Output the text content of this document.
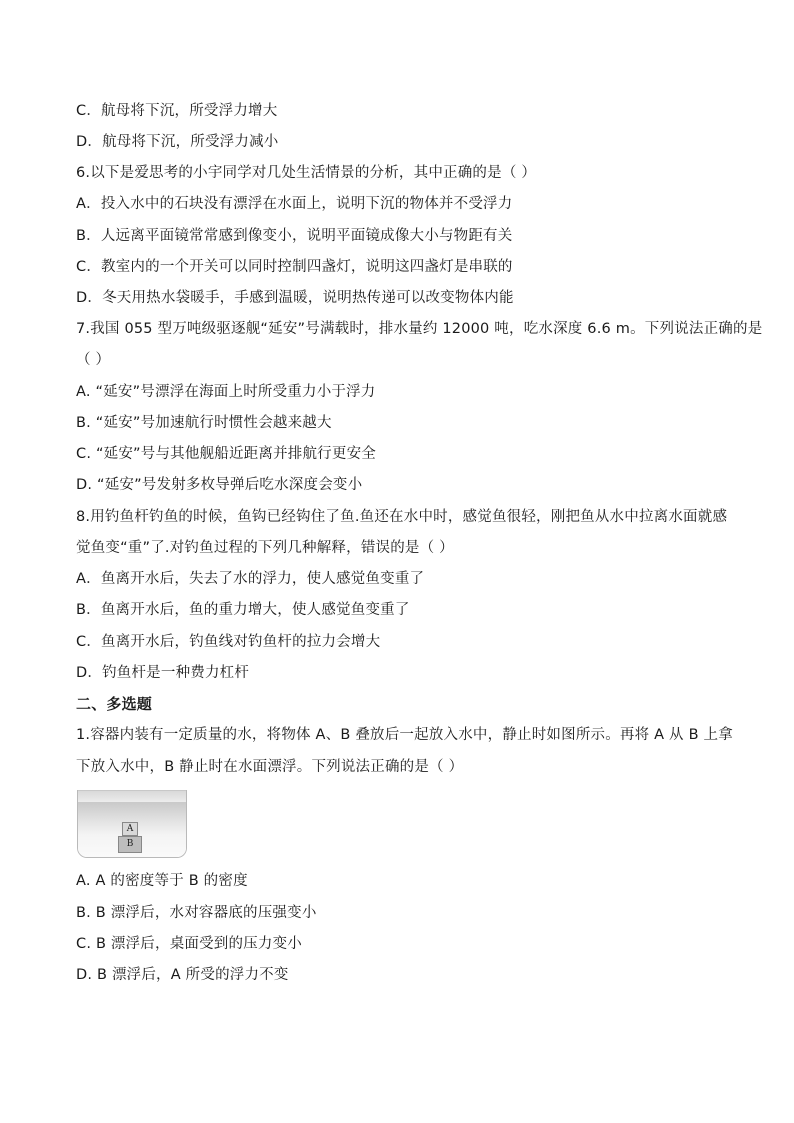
C．航母将下沉，所受浮力增大
D．航母将下沉，所受浮力减小
6.以下是爱思考的小宇同学对几处生活情景的分析，其中正确的是（ ）
A．投入水中的石块没有漂浮在水面上，说明下沉的物体并不受浮力
B．人远离平面镜常常感到像变小，说明平面镜成像大小与物距有关
C．教室内的一个开关可以同时控制四盏灯，说明这四盏灯是串联的
D．冬天用热水袋暖手，手感到温暖，说明热传递可以改变物体内能
7.我国 055 型万吨级驱逐舰“延安”号满载时，排水量约 12000 吨，吃水深度 6.6 m。下列说法正确的是
（ ）
A. “延安”号漂浮在海面上时所受重力小于浮力
B. “延安”号加速航行时惯性会越来越大
C. “延安”号与其他舰船近距离并排航行更安全
D. “延安”号发射多枚导弹后吃水深度会变小
8.用钓鱼杆钓鱼的时候，鱼钩已经钩住了鱼.鱼还在水中时，感觉鱼很轻，刚把鱼从水中拉离水面就感
觉鱼变“重”了.对钓鱼过程的下列几种解释，错误的是（ ）
A．鱼离开水后，失去了水的浮力，使人感觉鱼变重了
B．鱼离开水后，鱼的重力增大，使人感觉鱼变重了
C．鱼离开水后，钓鱼线对钓鱼杆的拉力会增大
D．钓鱼杆是一种费力杠杆
二、多选题
1.容器内装有一定质量的水，将物体 A、B 叠放后一起放入水中，静止时如图所示。再将 A 从 B 上拿
下放入水中，B 静止时在水面漂浮。下列说法正确的是（ ）
A
B
A. A 的密度等于 B 的密度
B. B 漂浮后，水对容器底的压强变小
C. B 漂浮后，桌面受到的压力变小
D. B 漂浮后，A 所受的浮力不变
